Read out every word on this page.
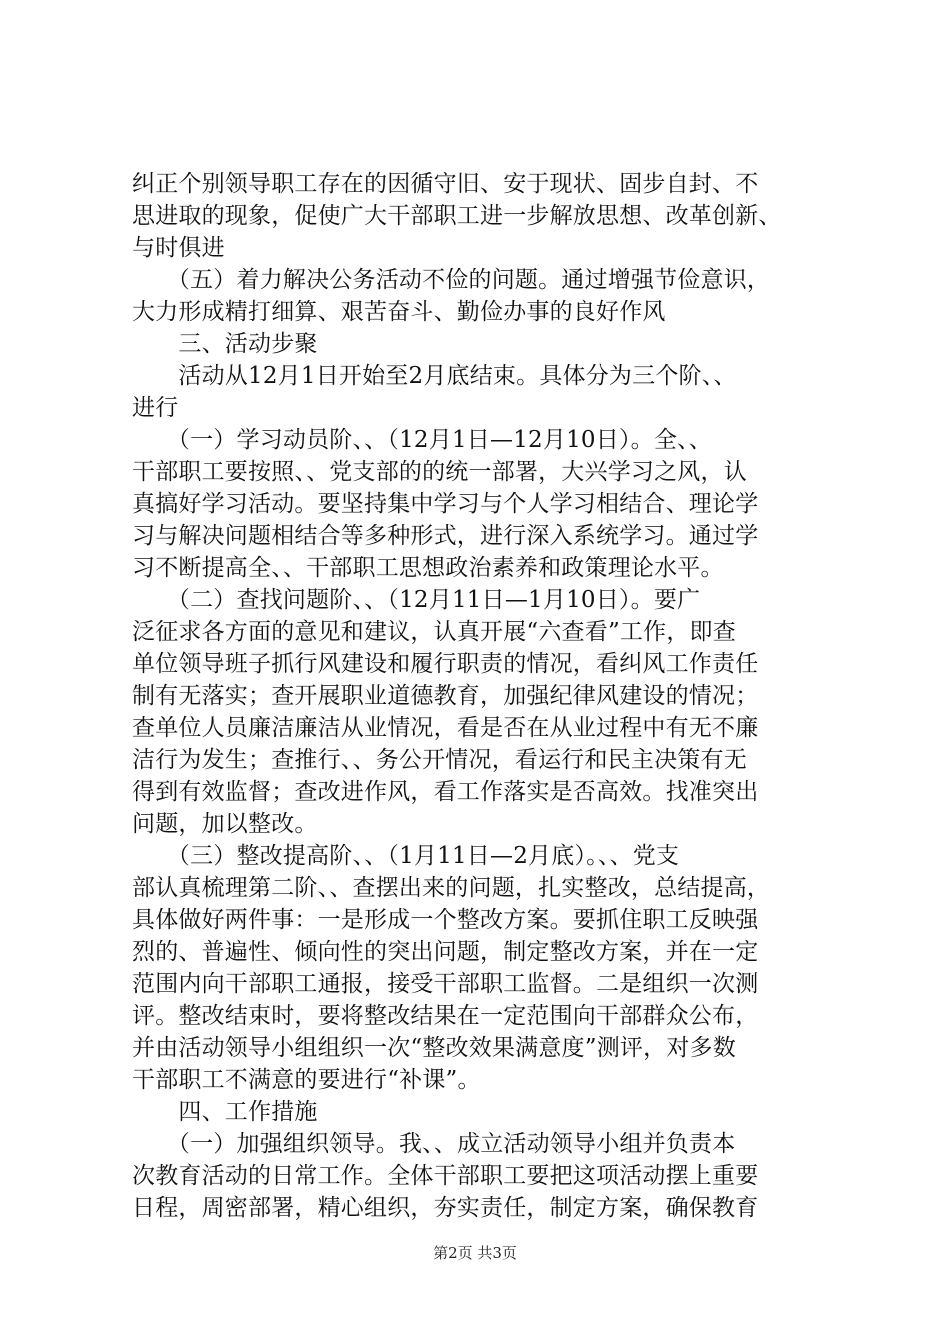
纠正个别领导职工存在的因循守旧、安于现状、固步自封、不
思进取的现象，促使广大干部职工进一步解放思想、改革创新、
与时俱进
　　（五）着力解决公务活动不俭的问题。通过增强节俭意识，
大力形成精打细算、艰苦奋斗、勤俭办事的良好作风
　　三、活动步聚
　　活动从12月1日开始至2月底结束。具体分为三个阶、、
进行
　　（一）学习动员阶、、（12月1日—12月10日）。全、、
干部职工要按照、、党支部的的统一部署，大兴学习之风，认
真搞好学习活动。要坚持集中学习与个人学习相结合、理论学
习与解决问题相结合等多种形式，进行深入系统学习。通过学
习不断提高全、、干部职工思想政治素养和政策理论水平。
　　（二）查找问题阶、、（12月11日—1月10日）。要广
泛征求各方面的意见和建议，认真开展“六查看”工作，即查
单位领导班子抓行风建设和履行职责的情况，看纠风工作责任
制有无落实；查开展职业道德教育，加强纪律风建设的情况；
查单位人员廉洁廉洁从业情况，看是否在从业过程中有无不廉
洁行为发生；查推行、、务公开情况，看运行和民主决策有无
得到有效监督；查改进作风，看工作落实是否高效。找准突出
问题，加以整改。
　　（三）整改提高阶、、（1月11日—2月底）。、、党支
部认真梳理第二阶、、查摆出来的问题，扎实整改，总结提高，
具体做好两件事：一是形成一个整改方案。要抓住职工反映强
烈的、普遍性、倾向性的突出问题，制定整改方案，并在一定
范围内向干部职工通报，接受干部职工监督。二是组织一次测
评。整改结束时，要将整改结果在一定范围向干部群众公布，
并由活动领导小组组织一次“整改效果满意度”测评，对多数
干部职工不满意的要进行“补课”。
　　四、工作措施
　　（一）加强组织领导。我、、成立活动领导小组并负责本
次教育活动的日常工作。全体干部职工要把这项活动摆上重要
日程，周密部署，精心组织，夯实责任，制定方案，确保教育
第2页 共3页
